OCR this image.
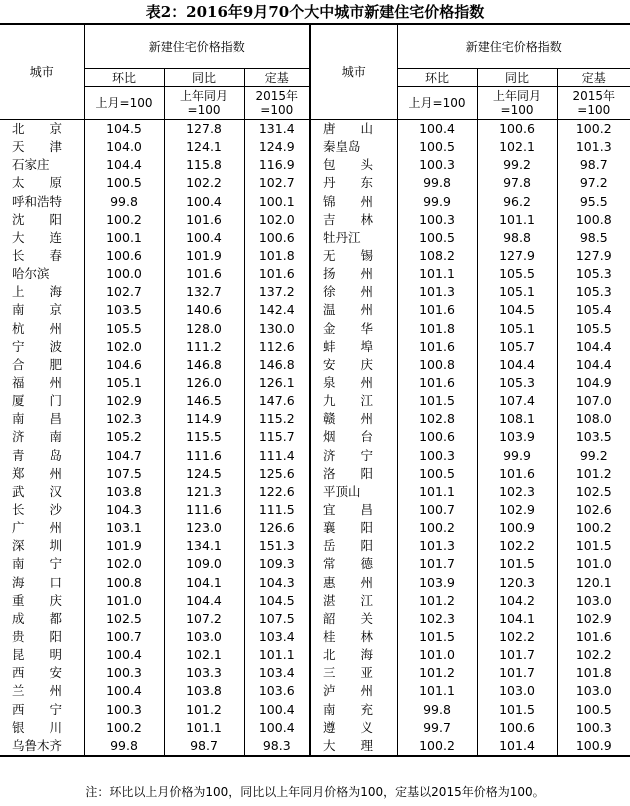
表2：2016年9月70个大中城市新建住宅价格指数
城市	新建住宅价格指数			城市	新建住宅价格指数		
	环比	同比	定基		环比	同比	定基
	上月=100	上年同月=100	2015年=100		上月=100	上年同月=100	2015年=100
北　　京	104.5	127.8	131.4	唐　　山	100.4	100.6	100.2
天　　津	104.0	124.1	124.9	秦皇岛	100.5	102.1	101.3
石家庄	104.4	115.8	116.9	包　　头	100.3	99.2	98.7
太　　原	100.5	102.2	102.7	丹　　东	99.8	97.8	97.2
呼和浩特	99.8	100.4	100.1	锦　　州	99.9	96.2	95.5
沈　　阳	100.2	101.6	102.0	吉　　林	100.3	101.1	100.8
大　　连	100.1	100.4	100.6	牡丹江	100.5	98.8	98.5
长　　春	100.6	101.9	101.8	无　　锡	108.2	127.9	127.9
哈尔滨	100.0	101.6	101.6	扬　　州	101.1	105.5	105.3
上　　海	102.7	132.7	137.2	徐　　州	101.3	105.1	105.3
南　　京	103.5	140.6	142.4	温　　州	101.6	104.5	105.4
杭　　州	105.5	128.0	130.0	金　　华	101.8	105.1	105.5
宁　　波	102.0	111.2	112.6	蚌　　埠	101.6	105.7	104.4
合　　肥	104.6	146.8	146.8	安　　庆	100.8	104.4	104.4
福　　州	105.1	126.0	126.1	泉　　州	101.6	105.3	104.9
厦　　门	102.9	146.5	147.6	九　　江	101.5	107.4	107.0
南　　昌	102.3	114.9	115.2	赣　　州	102.8	108.1	108.0
济　　南	105.2	115.5	115.7	烟　　台	100.6	103.9	103.5
青　　岛	104.7	111.6	111.4	济　　宁	100.3	99.9	99.2
郑　　州	107.5	124.5	125.6	洛　　阳	100.5	101.6	101.2
武　　汉	103.8	121.3	122.6	平顶山	101.1	102.3	102.5
长　　沙	104.3	111.6	111.5	宜　　昌	100.7	102.9	102.6
广　　州	103.1	123.0	126.6	襄　　阳	100.2	100.9	100.2
深　　圳	101.9	134.1	151.3	岳　　阳	101.3	102.2	101.5
南　　宁	102.0	109.0	109.3	常　　德	101.7	101.5	101.0
海　　口	100.8	104.1	104.3	惠　　州	103.9	120.3	120.1
重　　庆	101.0	104.4	104.5	湛　　江	101.2	104.2	103.0
成　　都	102.5	107.2	107.5	韶　　关	102.3	104.1	102.9
贵　　阳	100.7	103.0	103.4	桂　　林	101.5	102.2	101.6
昆　　明	100.4	102.1	101.1	北　　海	101.0	101.7	102.2
西　　安	100.3	103.3	103.4	三　　亚	101.2	101.7	101.8
兰　　州	100.4	103.8	103.6	泸　　州	101.1	103.0	103.0
西　　宁	100.3	101.2	100.4	南　　充	99.8	101.5	100.5
银　　川	100.2	101.1	100.4	遵　　义	99.7	100.6	100.3
乌鲁木齐	99.8	98.7	98.3	大　　理	100.2	101.4	100.9
注：环比以上月价格为100，同比以上年同月价格为100，定基以2015年价格为100。
